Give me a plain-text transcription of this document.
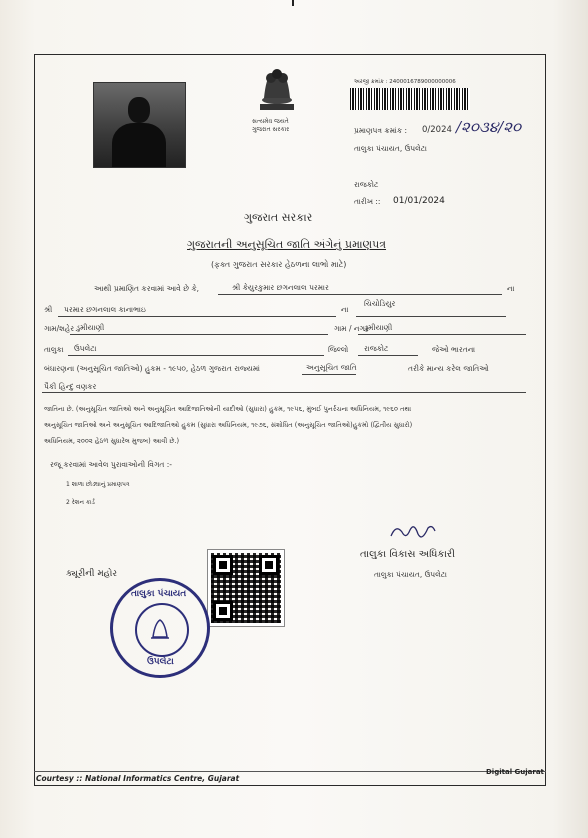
સત્યમેવ જયતે
ગુજરાત સરકાર
અરજી ક્રમાંક : 2400016789000000006
પ્રમાણપત્ર ક્રમાંક : 0/2024 /૨૦૩૪/૨૦
તાલુકા પંચાયત, ઉપલેટા
રાજકોટ
તારીખ :: 01/01/2024
ગુજરાત સરકાર
ગુજરાતની અનુસૂચિત જાતિ અંગેનું પ્રમાણપત્ર
(ફક્ત ગુજરાત સરકાર હેઠળના લાભો માટે)
આથી પ્રમાણિત કરવામાં આવે છે કે,	શ્રી કેયુરકુમાર છગનલાલ પરમાર	ના
શ્રી પરમાર છગનલાલ કાનાભાઇ	ના
ચિચોડિયુર
ગામ/શહેર ડુમીયાણી	ગામ / નગર
ડુમીયાણી
તાલુકા ઉપલેટા	જિલ્લો રાજકોટ	જેઓ ભારતના
બંધારણના (અનુસૂચિત જાતિઓ) હુકમ - ૧૯૫૦, હેઠળ ગુજરાત રાજ્યમાં	અનુસૂચિત જાતિ	તરીકે માન્ય કરેલ જાતિઓ
પૈકી હિન્દુ વણકર
જાતિના છે. (અનુસૂચિત જાતિઓ અને અનુસૂચિત આદિજાતિઓની યાદીઓ (સુધારા) હુકમ, ૧૯૫૬, મુંબઈ પુનર્રચના અધિનિયમ, ૧૯૬૦ તથા
અનુસૂચિત જાતિઓ અને અનુસૂચિત આદિજાતિઓ હુકમ (સુધારા અધિનિયમ, ૧૯૭૬, સંશોધિત (અનુસૂચિત જાતિઓ)હુકમો (દ્વિતીય સુધારો)
અધિનિયમ, ૨૦૦૨ હેઠળ સુધારેલ મુજબ) આવી છે.)
રજૂ કરવામાં આવેલ પુરાવાઓની વિગત :-
1 શાળા છોડ્યાનું પ્રમાણપત્ર
2 રેશન કાર્ડ
તાલુકા વિકાસ અધિકારી
તાલુકા પંચાયત, ઉપલેટા
ક્યૂરીની મહોર
તાલુકા પંચાયત
ઉપલેટા
Courtesy :: National Informatics Centre, Gujarat
Digital Gujarat
